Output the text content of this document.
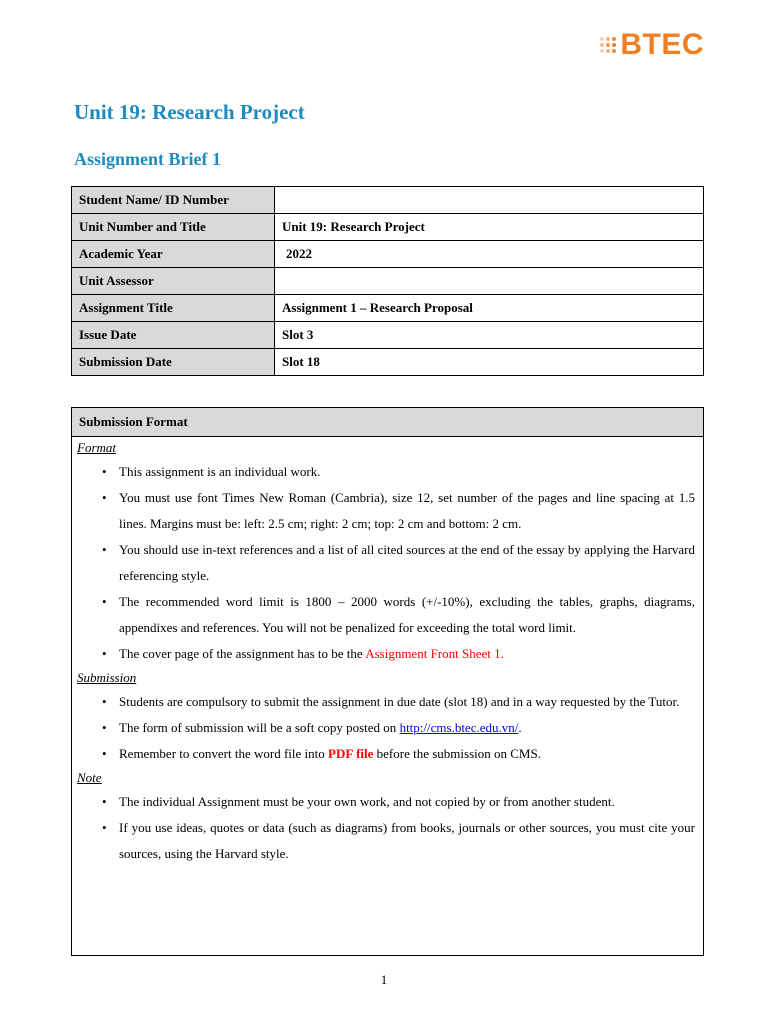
BTEC
Unit 19: Research Project
Assignment Brief 1
Student Name/ ID Number	
Unit Number and Title	Unit 19: Research Project
Academic Year	2022
Unit Assessor	
Assignment Title	Assignment 1 – Research Proposal
Issue Date	Slot 3
Submission Date	Slot 18
Submission Format
Format
• This assignment is an individual work.
• You must use font Times New Roman (Cambria), size 12, set number of the pages and line spacing at 1.5 lines. Margins must be: left: 2.5 cm; right: 2 cm; top: 2 cm and bottom: 2 cm.
• You should use in-text references and a list of all cited sources at the end of the essay by applying the Harvard referencing style.
• The recommended word limit is 1800 – 2000 words (+/-10%), excluding the tables, graphs, diagrams, appendixes and references. You will not be penalized for exceeding the total word limit.
• The cover page of the assignment has to be the Assignment Front Sheet 1.
Submission
• Students are compulsory to submit the assignment in due date (slot 18) and in a way requested by the Tutor.
• The form of submission will be a soft copy posted on http://cms.btec.edu.vn/.
• Remember to convert the word file into PDF file before the submission on CMS.
Note
• The individual Assignment must be your own work, and not copied by or from another student.
• If you use ideas, quotes or data (such as diagrams) from books, journals or other sources, you must cite your sources, using the Harvard style.
1
